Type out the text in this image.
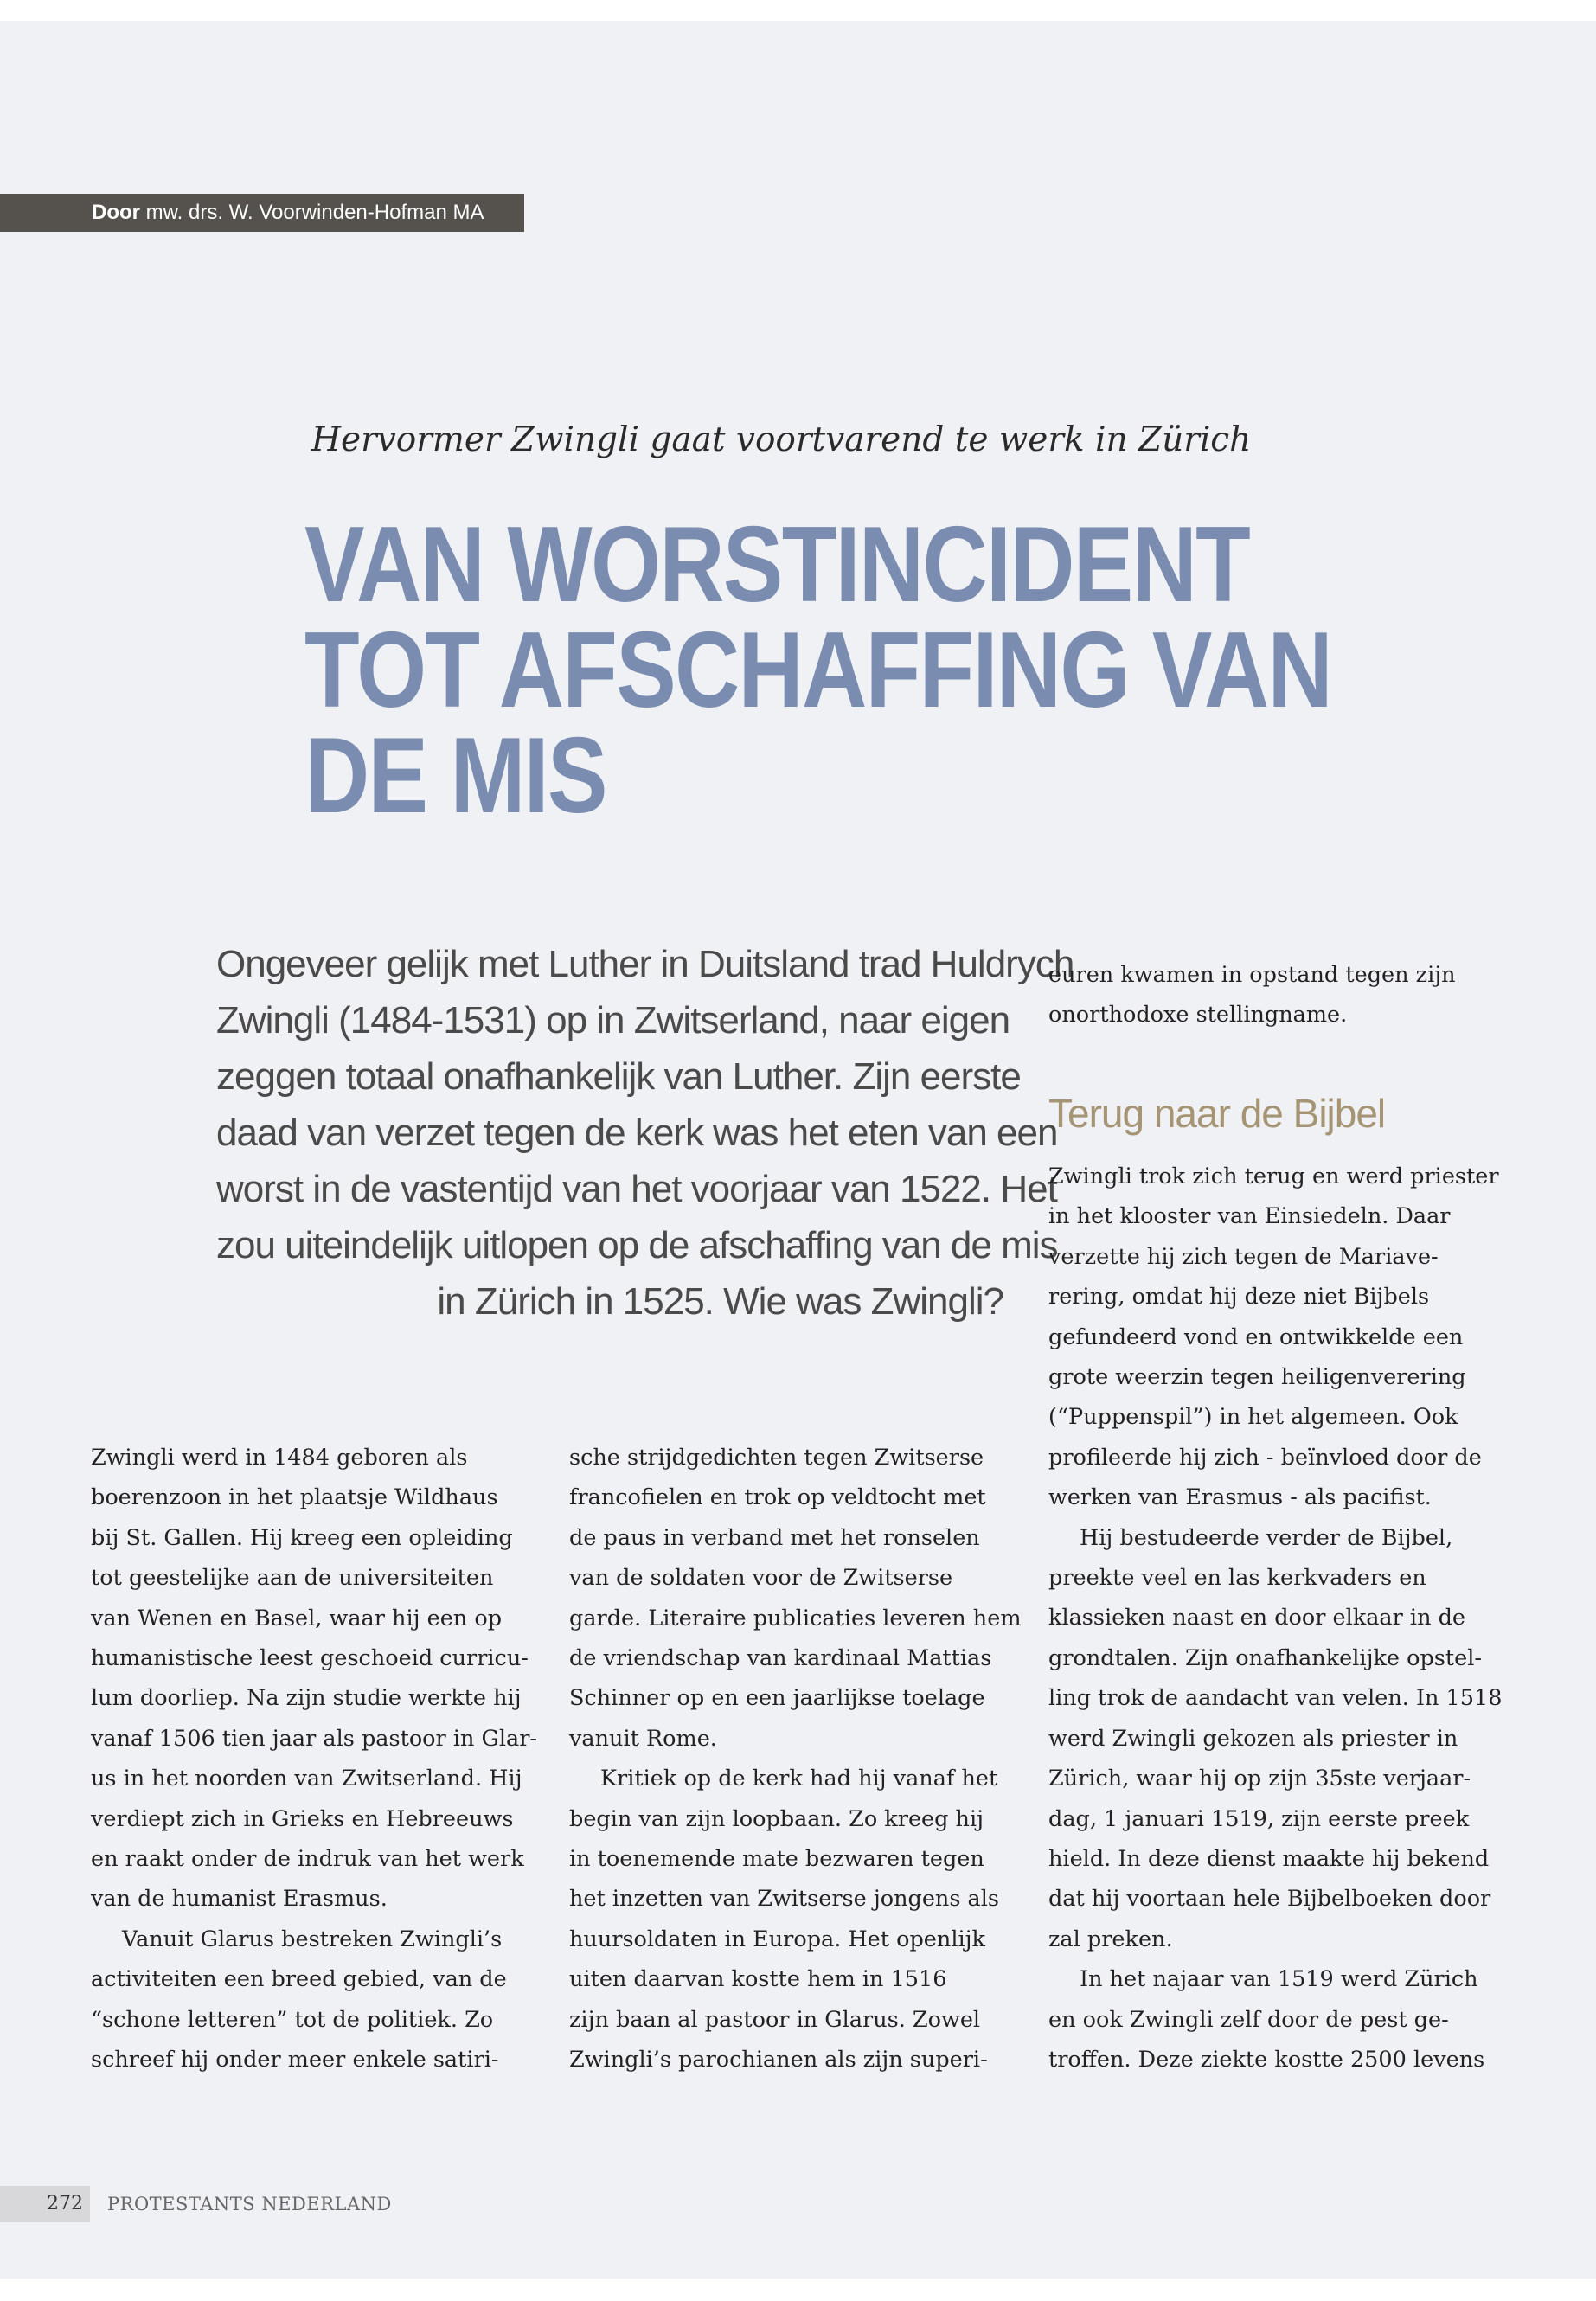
Door mw. drs. W. Voorwinden-Hofman MA
Hervormer Zwingli gaat voortvarend te werk in Zürich
VAN WORSTINCIDENT
TOT AFSCHAFFING VAN
DE MIS
Ongeveer gelijk met Luther in Duitsland trad Huldrych
Zwingli (1484-1531) op in Zwitserland, naar eigen
zeggen totaal onafhankelijk van Luther. Zijn eerste
daad van verzet tegen de kerk was het eten van een
worst in de vastentijd van het voorjaar van 1522. Het
zou uiteindelijk uitlopen op de afschaffing van de mis
in Zürich in 1525. Wie was Zwingli?
Zwingli werd in 1484 geboren als
boerenzoon in het plaatsje Wildhaus
bij St. Gallen. Hij kreeg een opleiding
tot geestelijke aan de universiteiten
van Wenen en Basel, waar hij een op
humanistische leest geschoeid curricu-
lum doorliep. Na zijn studie werkte hij
vanaf 1506 tien jaar als pastoor in Glar-
us in het noorden van Zwitserland. Hij
verdiept zich in Grieks en Hebreeuws
en raakt onder de indruk van het werk
van de humanist Erasmus.
Vanuit Glarus bestreken Zwingli’s
activiteiten een breed gebied, van de
“schone letteren” tot de politiek. Zo
schreef hij onder meer enkele satiri-
sche strijdgedichten tegen Zwitserse
francofielen en trok op veldtocht met
de paus in verband met het ronselen
van de soldaten voor de Zwitserse
garde. Literaire publicaties leveren hem
de vriendschap van kardinaal Mattias
Schinner op en een jaarlijkse toelage
vanuit Rome.
Kritiek op de kerk had hij vanaf het
begin van zijn loopbaan. Zo kreeg hij
in toenemende mate bezwaren tegen
het inzetten van Zwitserse jongens als
huursoldaten in Europa. Het openlijk
uiten daarvan kostte hem in 1516
zijn baan al pastoor in Glarus. Zowel
Zwingli’s parochianen als zijn superi-
euren kwamen in opstand tegen zijn
onorthodoxe stellingname.
Terug naar de Bijbel
Zwingli trok zich terug en werd priester
in het klooster van Einsiedeln. Daar
verzette hij zich tegen de Mariave-
rering, omdat hij deze niet Bijbels
gefundeerd vond en ontwikkelde een
grote weerzin tegen heiligenverering
(“Puppenspil”) in het algemeen. Ook
profileerde hij zich - beïnvloed door de
werken van Erasmus - als pacifist.
Hij bestudeerde verder de Bijbel,
preekte veel en las kerkvaders en
klassieken naast en door elkaar in de
grondtalen. Zijn onafhankelijke opstel-
ling trok de aandacht van velen. In 1518
werd Zwingli gekozen als priester in
Zürich, waar hij op zijn 35ste verjaar-
dag, 1 januari 1519, zijn eerste preek
hield. In deze dienst maakte hij bekend
dat hij voortaan hele Bijbelboeken door
zal preken.
In het najaar van 1519 werd Zürich
en ook Zwingli zelf door de pest ge-
troffen. Deze ziekte kostte 2500 levens
272	PROTESTANTS NEDERLAND
